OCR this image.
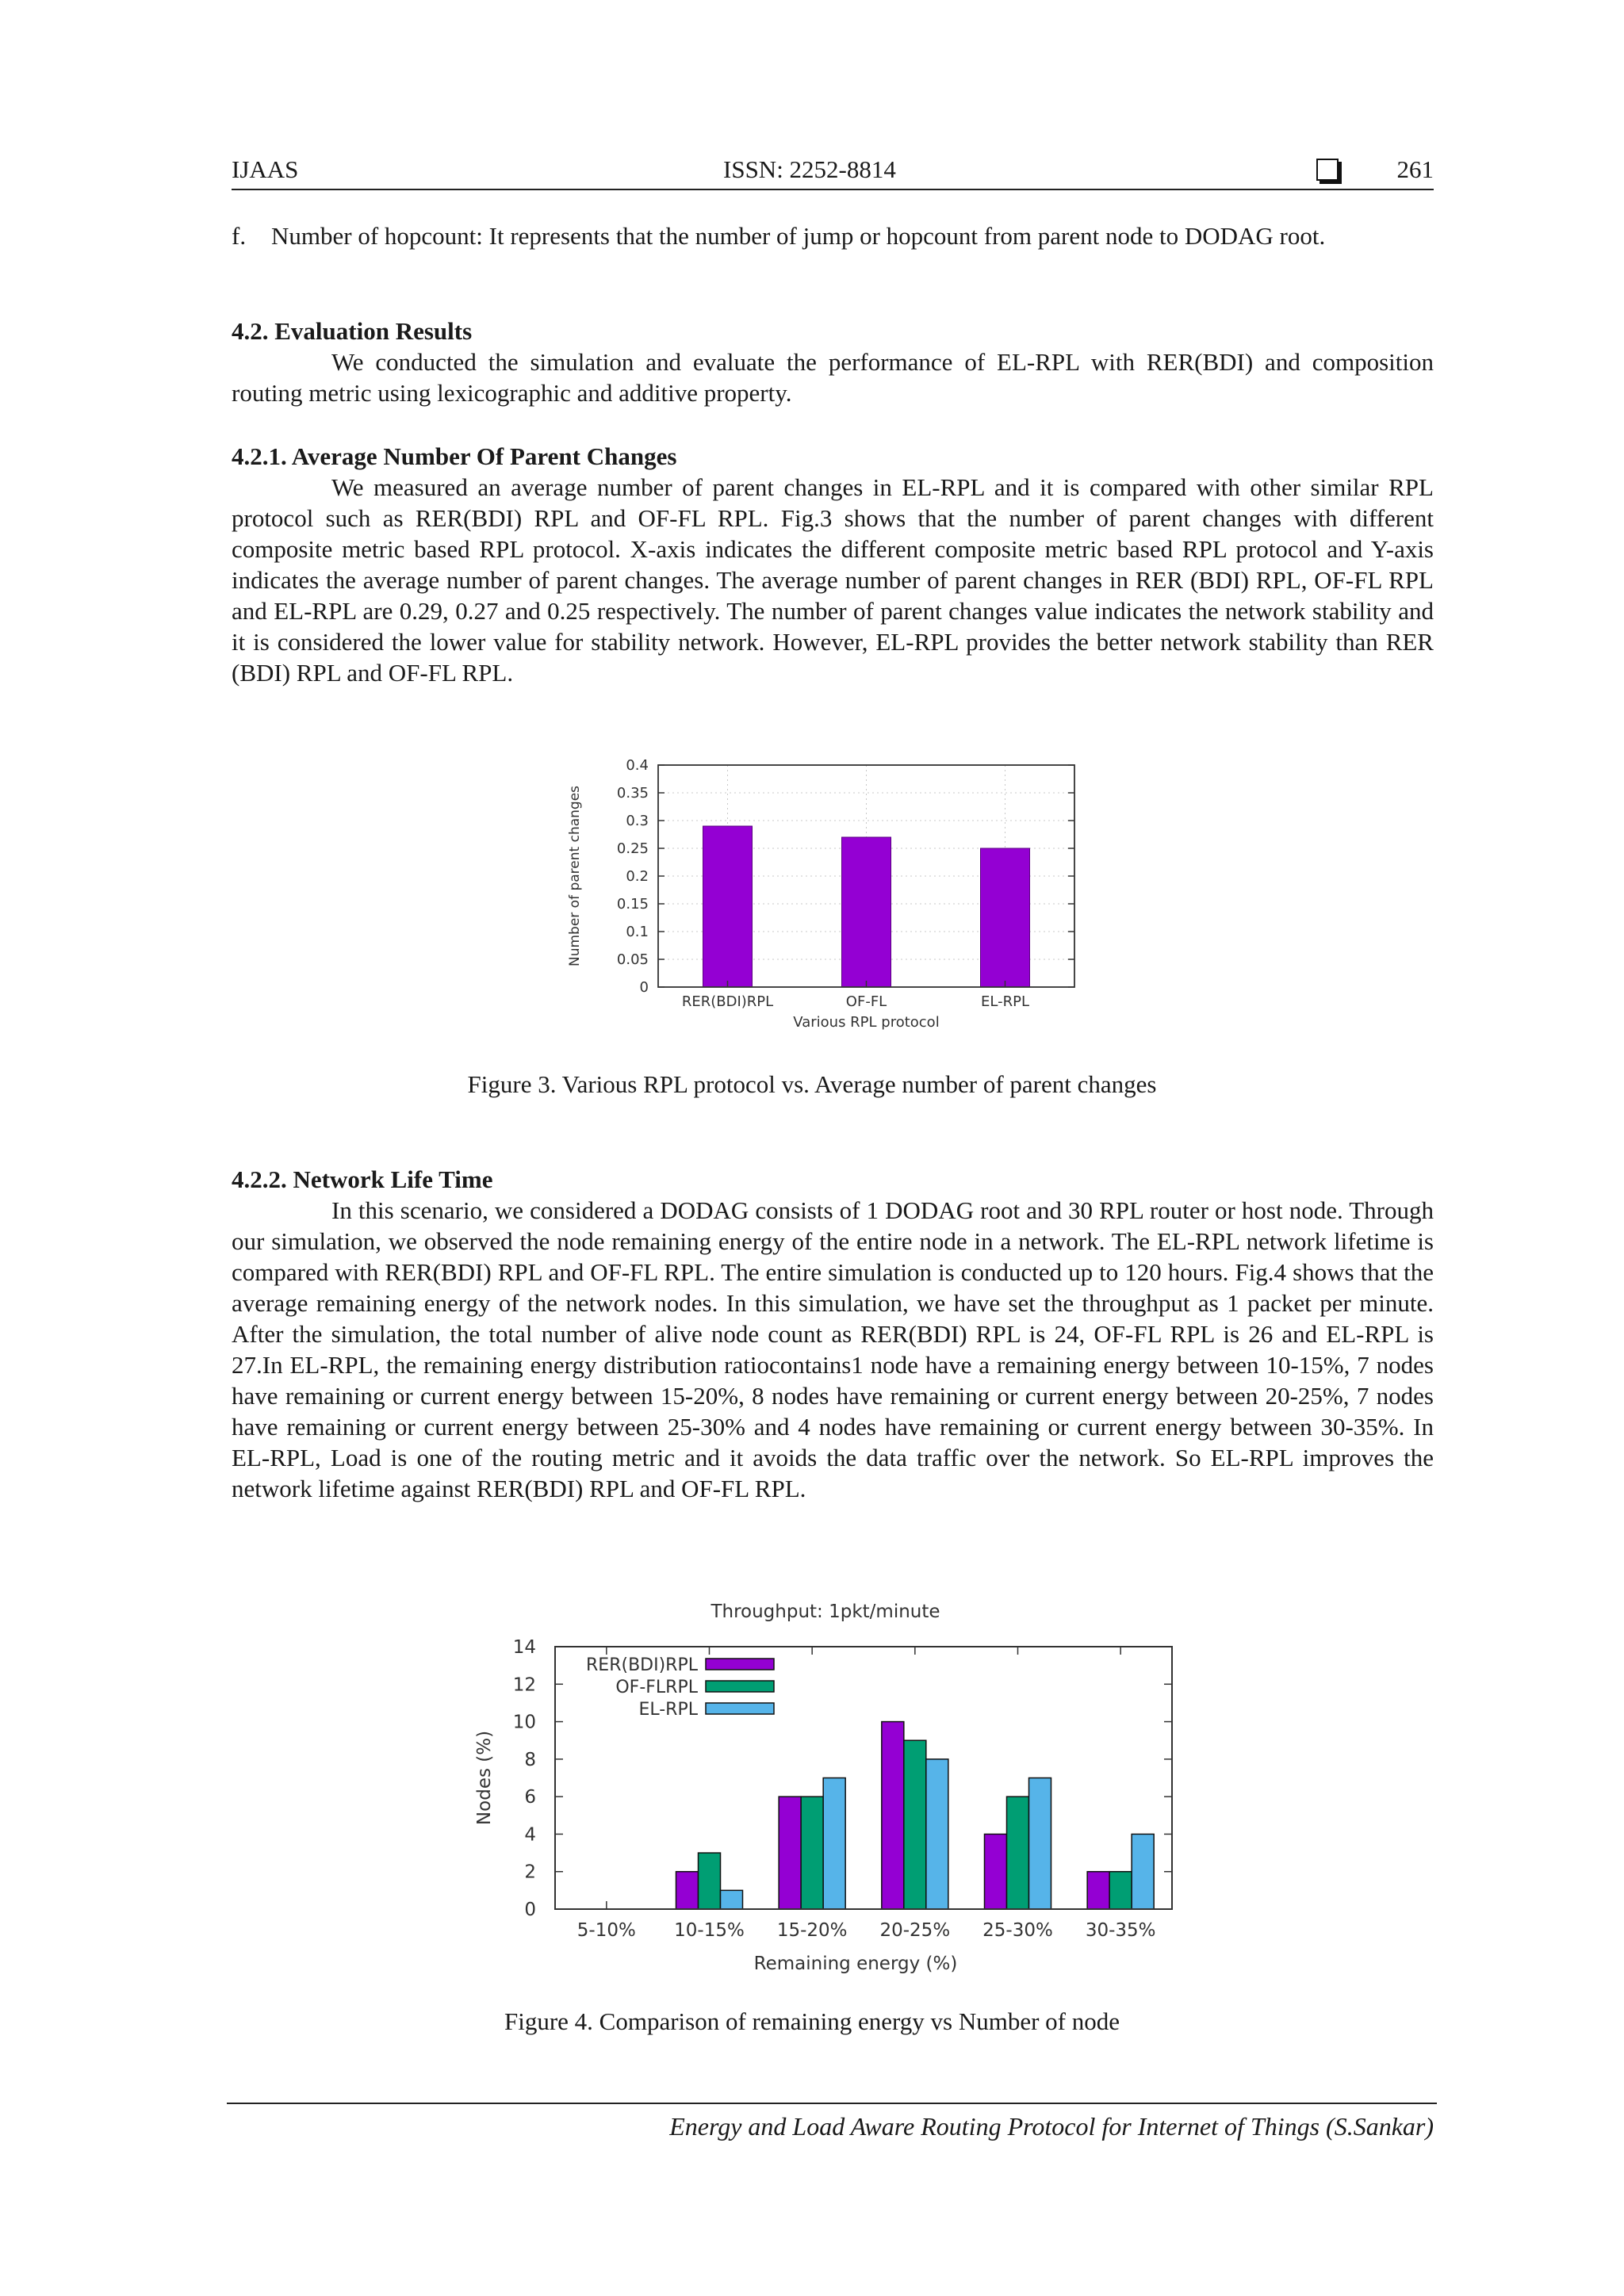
IJAAS	ISSN: 2252-8814	261

f. Number of hopcount: It represents that the number of jump or hopcount from parent node to DODAG root.

4.2. Evaluation Results

We conducted the simulation and evaluate the performance of EL-RPL with RER(BDI) and composition routing metric using lexicographic and additive property.

4.2.1. Average Number Of Parent Changes

We measured an average number of parent changes in EL-RPL and it is compared with other similar RPL protocol such as RER(BDI) RPL and OF-FL RPL. Fig.3 shows that the number of parent changes with different composite metric based RPL protocol. X-axis indicates the different composite metric based RPL protocol and Y-axis indicates the average number of parent changes. The average number of parent changes in RER (BDI) RPL, OF-FL RPL and EL-RPL are 0.29, 0.27 and 0.25 respectively. The number of parent changes value indicates the network stability and it is considered the lower value for stability network. However, EL-RPL provides the better network stability than RER (BDI) RPL and OF-FL RPL.

0
0.05
0.1
0.15
0.2
0.25
0.3
0.35
0.4
RER(BDI)RPL	OF-FL	EL-RPL
Various RPL protocol
Number of parent changes
Figure 3. Various RPL protocol vs. Average number of parent changes

4.2.2. Network Life Time

In this scenario, we considered a DODAG consists of 1 DODAG root and 30 RPL router or host node. Through our simulation, we observed the node remaining energy of the entire node in a network. The EL-RPL network lifetime is compared with RER(BDI) RPL and OF-FL RPL. The entire simulation is conducted up to 120 hours. Fig.4 shows that the average remaining energy of the network nodes. In this simulation, we have set the throughput as 1 packet per minute. After the simulation, the total number of alive node count as RER(BDI) RPL is 24, OF-FL RPL is 26 and EL-RPL is 27.In EL-RPL, the remaining energy distribution ratiocontains1 node have a remaining energy between 10-15%, 7 nodes have remaining or current energy between 15-20%, 8 nodes have remaining or current energy between 20-25%, 7 nodes have remaining or current energy between 25-30% and 4 nodes have remaining or current energy between 30-35%. In EL-RPL, Load is one of the routing metric and it avoids the data traffic over the network. So EL-RPL improves the network lifetime against RER(BDI) RPL and OF-FL RPL.

Throughput: 1pkt/minute
0
2
4
6
8
10
12
14
5-10% 10-15% 15-20% 20-25% 25-30% 30-35%
RER(BDI)RPL
OF-FLRPL
EL-RPL
Remaining energy (%)
Nodes (%)
Figure 4. Comparison of remaining energy vs Number of node
Energy and Load Aware Routing Protocol for Internet of Things (S.Sankar)
